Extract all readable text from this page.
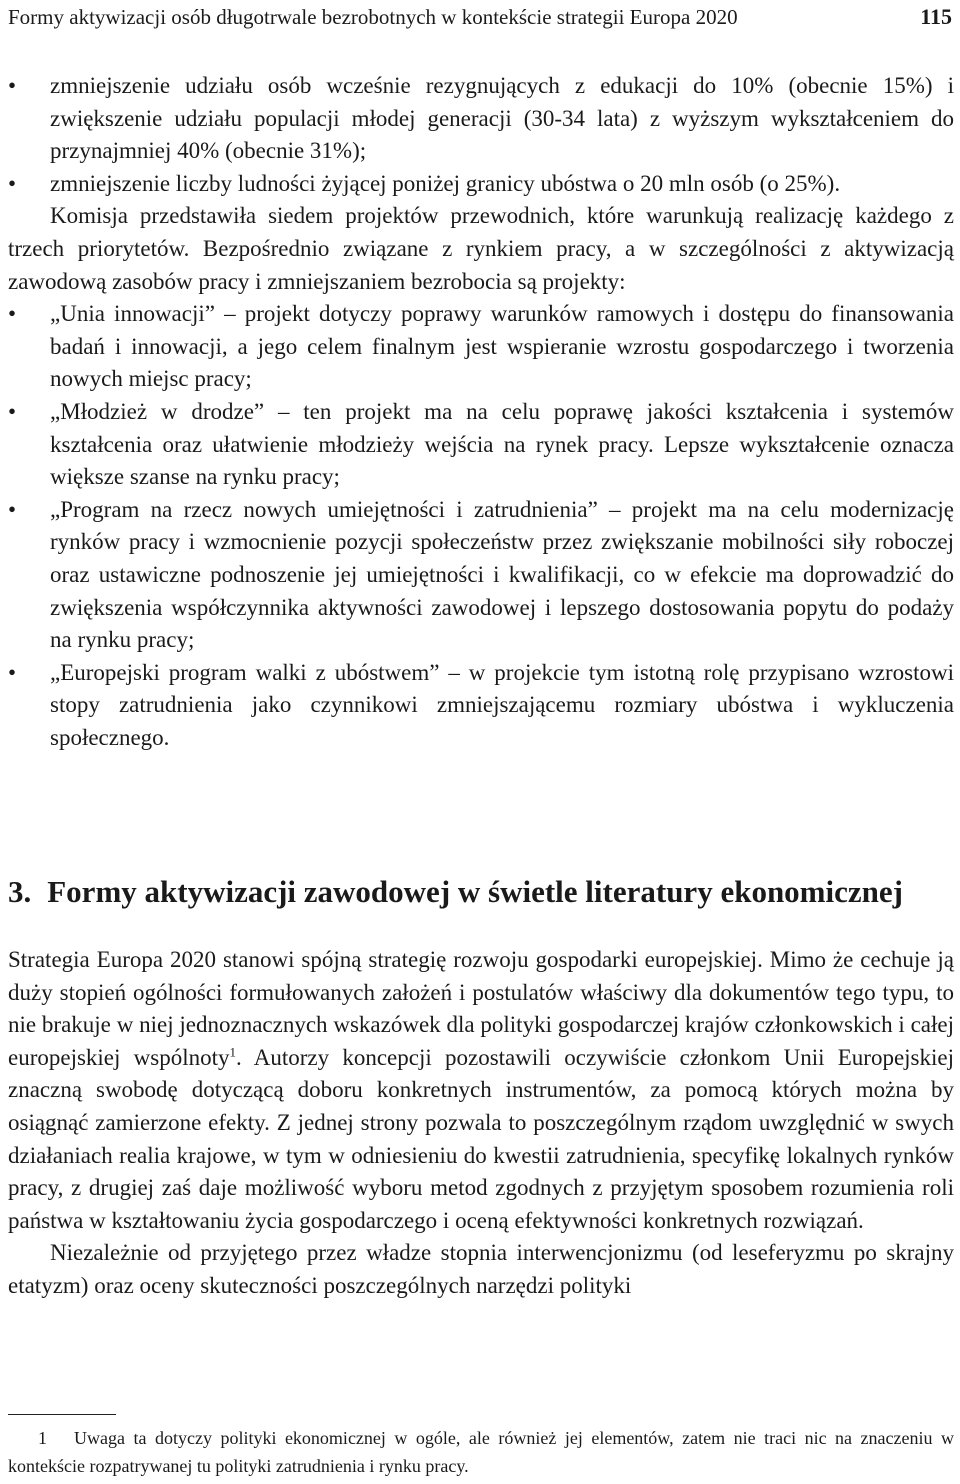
Formy aktywizacji osób długotrwale bezrobotnych w kontekście strategii Europa 2020	115

• zmniejszenie udziału osób wcześnie rezygnujących z edukacji do 10% (obecnie 15%) i zwiększenie udziału populacji młodej generacji (30-34 lata) z wyższym wykształceniem do przynajmniej 40% (obecnie 31%);

• zmniejszenie liczby ludności żyjącej poniżej granicy ubóstwa o 20 mln osób (o 25%).

Komisja przedstawiła siedem projektów przewodnich, które warunkują realizację każdego z trzech priorytetów. Bezpośrednio związane z rynkiem pracy, a w szczególności z aktywizacją zawodową zasobów pracy i zmniejszaniem bezrobocia są projekty:

• „Unia innowacji” – projekt dotyczy poprawy warunków ramowych i dostępu do finansowania badań i innowacji, a jego celem finalnym jest wspieranie wzrostu gospodarczego i tworzenia nowych miejsc pracy;

• „Młodzież w drodze” – ten projekt ma na celu poprawę jakości kształcenia i systemów kształcenia oraz ułatwienie młodzieży wejścia na rynek pracy. Lepsze wykształcenie oznacza większe szanse na rynku pracy;

• „Program na rzecz nowych umiejętności i zatrudnienia” – projekt ma na celu modernizację rynków pracy i wzmocnienie pozycji społeczeństw przez zwiększanie mobilności siły roboczej oraz ustawiczne podnoszenie jej umiejętności i kwalifikacji, co w efekcie ma doprowadzić do zwiększenia współczynnika aktywności zawodowej i lepszego dostosowania popytu do podaży na rynku pracy;

• „Europejski program walki z ubóstwem” – w projekcie tym istotną rolę przypisano wzrostowi stopy zatrudnienia jako czynnikowi zmniejszającemu rozmiary ubóstwa i wykluczenia społecznego.

3. Formy aktywizacji zawodowej w świetle literatury ekonomicznej

Strategia Europa 2020 stanowi spójną strategię rozwoju gospodarki europejskiej. Mimo że cechuje ją duży stopień ogólności formułowanych założeń i postulatów właściwy dla dokumentów tego typu, to nie brakuje w niej jednoznacznych wskazówek dla polityki gospodarczej krajów członkowskich i całej europejskiej wspólnoty$^1$. Autorzy koncepcji pozostawili oczywiście członkom Unii Europejskiej znaczną swobodę dotyczącą doboru konkretnych instrumentów, za pomocą których można by osiągnąć zamierzone efekty. Z jednej strony pozwala to poszczególnym rządom uwzględnić w swych działaniach realia krajowe, w tym w odniesieniu do kwestii zatrudnienia, specyfikę lokalnych rynków pracy, z drugiej zaś daje możliwość wyboru metod zgodnych z przyjętym sposobem rozumienia roli państwa w kształtowaniu życia gospodarczego i oceną efektywności konkretnych rozwiązań.

Niezależnie od przyjętego przez władze stopnia interwencjonizmu (od leseferyzmu po skrajny etatyzm) oraz oceny skuteczności poszczególnych narzędzi polityki

1 Uwaga ta dotyczy polityki ekonomicznej w ogóle, ale również jej elementów, zatem nie traci nic na znaczeniu w kontekście rozpatrywanej tu polityki zatrudnienia i rynku pracy.
